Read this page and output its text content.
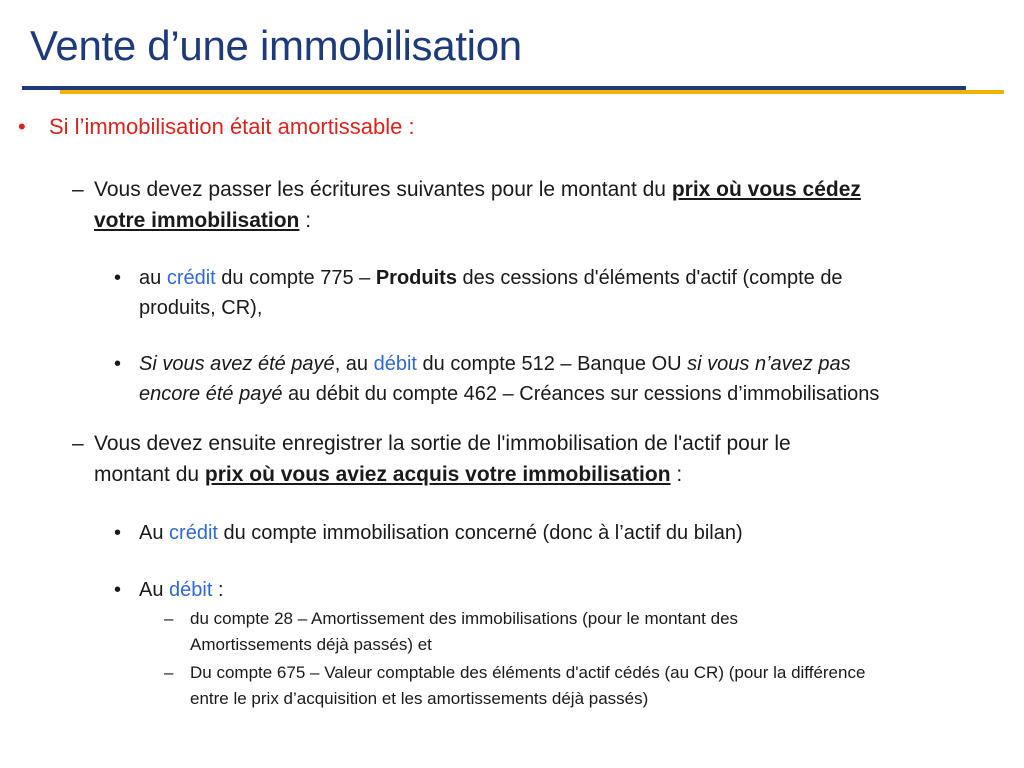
Vente d’une immobilisation
• Si l’immobilisation était amortissable :
– Vous devez passer les écritures suivantes pour le montant du prix où vous cédez
votre immobilisation :
• au crédit du compte 775 – Produits des cessions d'éléments d'actif (compte de
produits, CR),
• Si vous avez été payé, au débit du compte 512 – Banque OU si vous n’avez pas
encore été payé au débit du compte 462 – Créances sur cessions d’immobilisations
– Vous devez ensuite enregistrer la sortie de l'immobilisation de l'actif pour le
montant du prix où vous aviez acquis votre immobilisation :
• Au crédit du compte immobilisation concerné (donc à l’actif du bilan)
• Au débit :
– du compte 28 – Amortissement des immobilisations (pour le montant des
Amortissements déjà passés) et
– Du compte 675 – Valeur comptable des éléments d'actif cédés (au CR) (pour la différence
entre le prix d’acquisition et les amortissements déjà passés)
